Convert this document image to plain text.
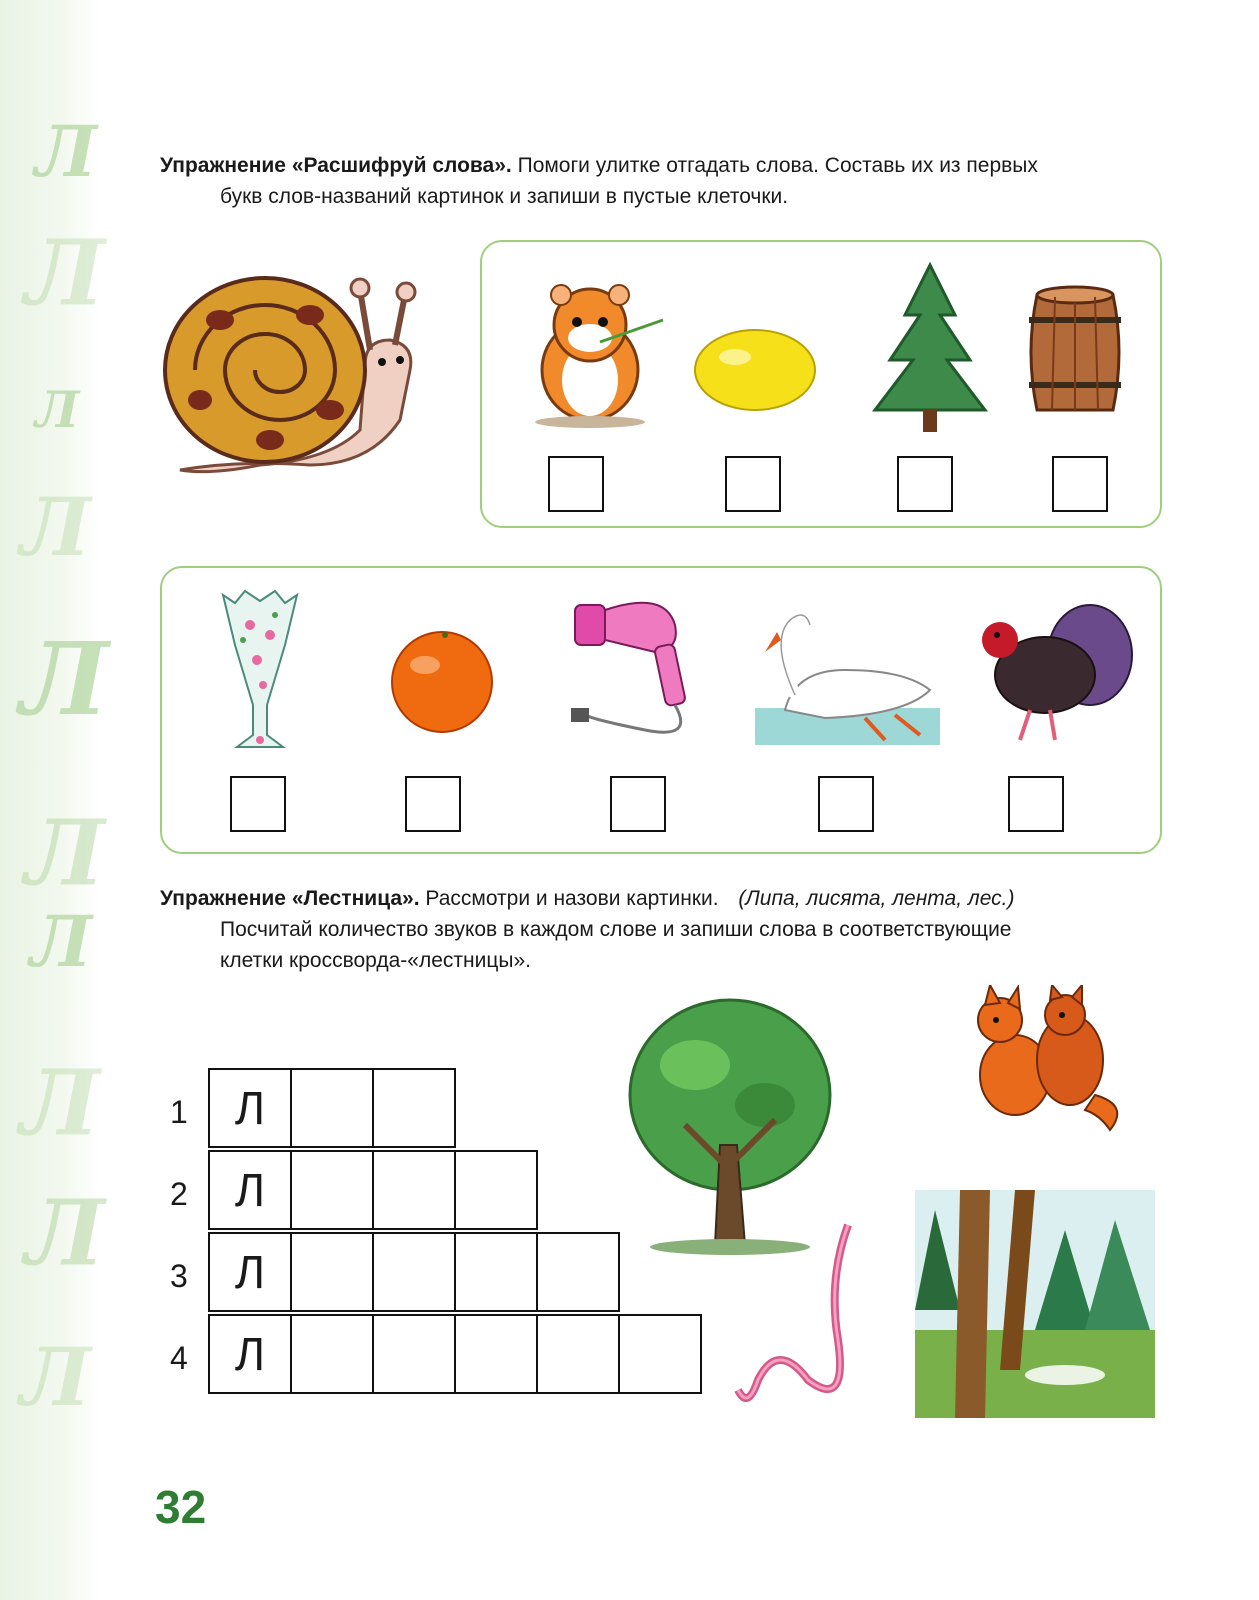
Л
Л
Л
Л
Л
Л
Л
Л
Л
Л
Упражнение «Расшифруй слова». Помоги улитке отгадать слова. Составь их из первых
букв слов-названий картинок и запиши в пустые клеточки.
Упражнение «Лестница». Рассмотри и назови картинки. (Липа, лисята, лента, лес.)
Посчитай количество звуков в каждом слове и запиши слова в соответствующие
клетки кроссворда-«лестницы».
1
2
3
4
Л
Л
Л
Л
32
